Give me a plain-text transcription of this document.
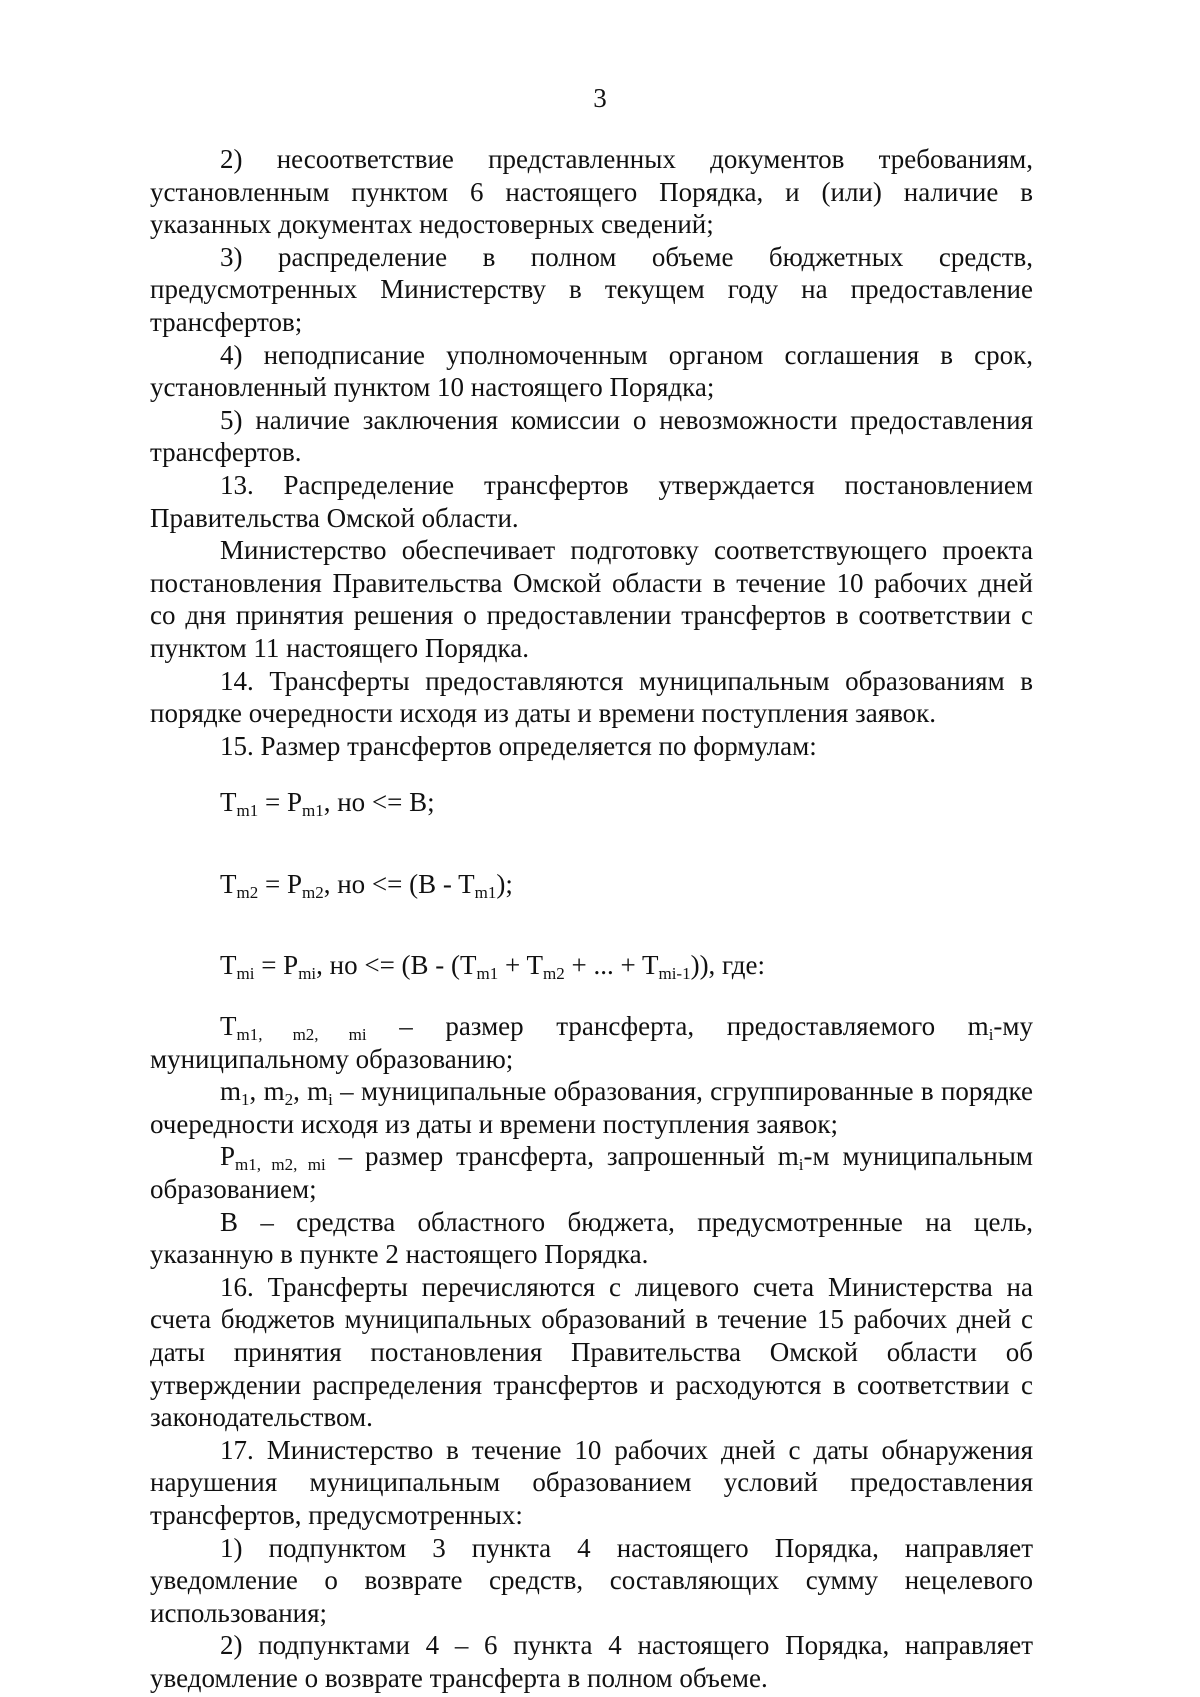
3

2) несоответствие представленных документов требованиям, установленным пунктом 6 настоящего Порядка, и (или) наличие в указанных документах недостоверных сведений;

3) распределение в полном объеме бюджетных средств, предусмотренных Министерству в текущем году на предоставление трансфертов;

4) неподписание уполномоченным органом соглашения в срок, установленный пунктом 10 настоящего Порядка;

5) наличие заключения комиссии о невозможности предоставления трансфертов.

13. Распределение трансфертов утверждается постановлением Правительства Омской области.

Министерство обеспечивает подготовку соответствующего проекта постановления Правительства Омской области в течение 10 рабочих дней со дня принятия решения о предоставлении трансфертов в соответствии с пунктом 11 настоящего Порядка.

14. Трансферты предоставляются муниципальным образованиям в порядке очередности исходя из даты и времени поступления заявок.

15. Размер трансфертов определяется по формулам:

$T_{m1} = P_{m1}$, но <= B;

$T_{m2} = P_{m2}$, но <= $(B - T_{m1})$;

$T_{mi} = P_{mi}$, но <= ($B - (T_{m1} + T_{m2}$ + ... + $T_{mi-1}$)), где:

$T_{m1, m2, mi}$ – размер трансферта, предоставляемого $m_i-му$ муниципальному образованию;

$m_1$, $m_2$, $m_i$ – муниципальные образования, сгруппированные в порядке очередности исходя из даты и времени поступления заявок;

$P_{m1, m2, mi}$ – размер трансферта, запрошенный $m_i-м$ муниципальным образованием;

B – средства областного бюджета, предусмотренные на цель, указанную в пункте 2 настоящего Порядка.

16. Трансферты перечисляются с лицевого счета Министерства на счета бюджетов муниципальных образований в течение 15 рабочих дней с даты принятия постановления Правительства Омской области об утверждении распределения трансфертов и расходуются в соответствии с законодательством.

17. Министерство в течение 10 рабочих дней с даты обнаружения нарушения муниципальным образованием условий предоставления трансфертов, предусмотренных:

1) подпунктом 3 пункта 4 настоящего Порядка, направляет уведомление о возврате средств, составляющих сумму нецелевого использования;

2) подпунктами 4 – 6 пункта 4 настоящего Порядка, направляет уведомление о возврате трансферта в полном объеме.
